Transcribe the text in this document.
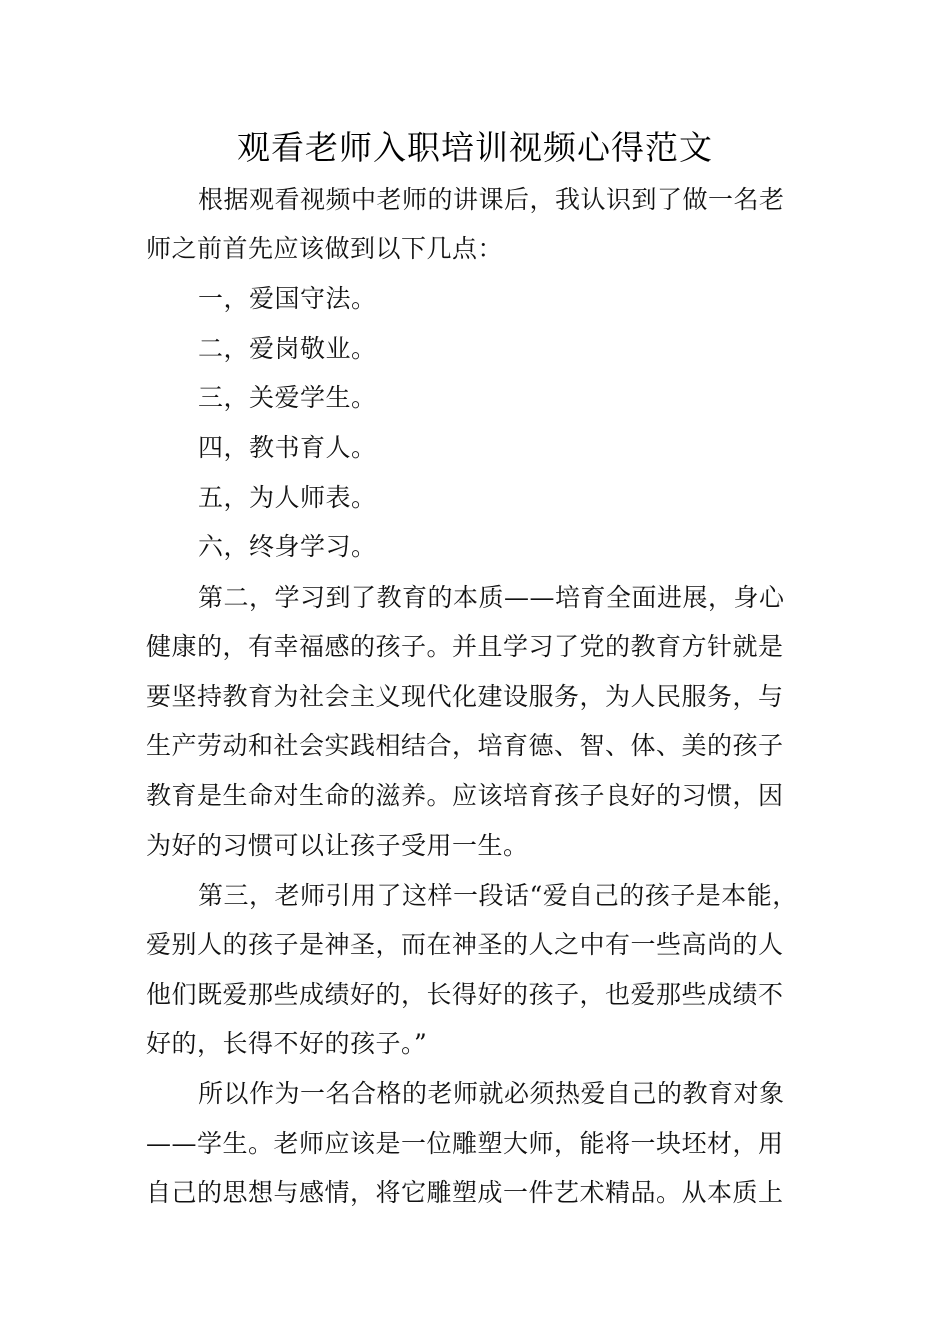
观看老师入职培训视频心得范文
根据观看视频中老师的讲课后，我认识到了做一名老
师之前首先应该做到以下几点：
一，爱国守法。
二，爱岗敬业。
三，关爱学生。
四，教书育人。
五，为人师表。
六，终身学习。
第二，学习到了教育的本质——培育全面进展，身心
健康的，有幸福感的孩子。并且学习了党的教育方针就是
要坚持教育为社会主义现代化建设服务，为人民服务，与
生产劳动和社会实践相结合，培育德、智、体、美的孩子
教育是生命对生命的滋养。应该培育孩子良好的习惯，因
为好的习惯可以让孩子受用一生。
第三，老师引用了这样一段话“爱自己的孩子是本能，
爱别人的孩子是神圣，而在神圣的人之中有一些高尚的人
他们既爱那些成绩好的，长得好的孩子，也爱那些成绩不
好的，长得不好的孩子。”
所以作为一名合格的老师就必须热爱自己的教育对象
——学生。老师应该是一位雕塑大师，能将一块坯材，用
自己的思想与感情，将它雕塑成一件艺术精品。从本质上
